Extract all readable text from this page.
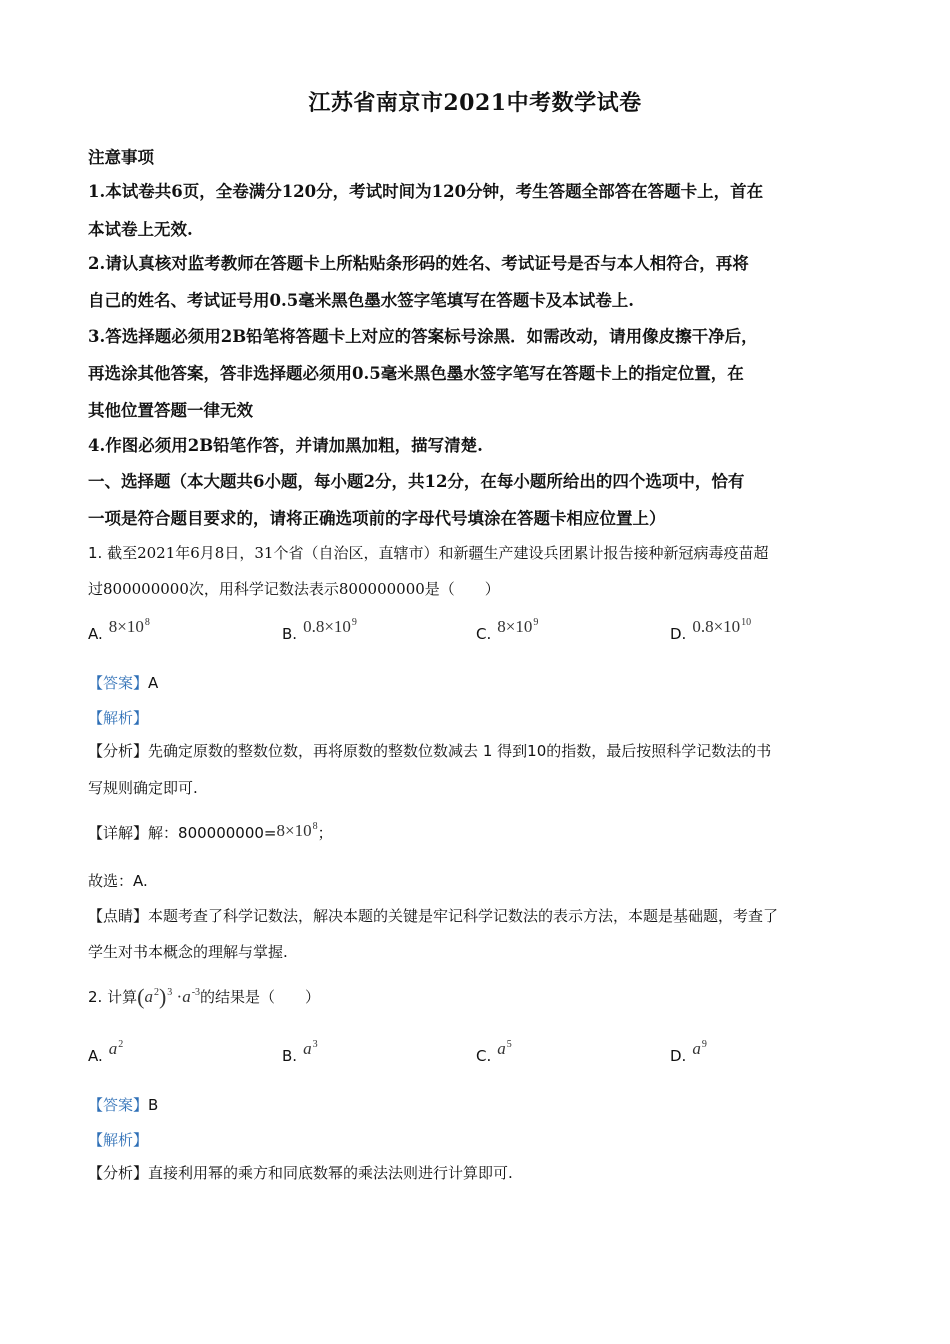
江苏省南京市2021中考数学试卷
注意事项
1.本试卷共6页，全卷满分120分，考试时间为120分钟，考生答题全部答在答题卡上，首在
本试卷上无效.
2.请认真核对监考教师在答题卡上所粘贴条形码的姓名、考试证号是否与本人相符合，再将
自己的姓名、考试证号用0.5毫米黑色墨水签字笔填写在答题卡及本试卷上.
3.答选择题必须用2B铅笔将答题卡上对应的答案标号涂黑．如需改动，请用像皮擦干净后，
再选涂其他答案，答非选择题必须用0.5毫米黑色墨水签字笔写在答题卡上的指定位置，在
其他位置答题一律无效
4.作图必须用2B铅笔作答，并请加黑加粗，描写清楚.
一、选择题（本大题共6小题，每小题2分，共12分，在每小题所给出的四个选项中，恰有
一项是符合题目要求的，请将正确选项前的字母代号填涂在答题卡相应位置上）
1. 截至2021年6月8日，31个省（自治区，直辖市）和新疆生产建设兵团累计报告接种新冠病毒疫苗超
过800000000次，用科学记数法表示800000000是（　　）
A. $8\times 10^8$
B. $0.8\times 10^9$
C. $8\times 10^9$
D. $0.8\times 10^{10}$
【答案】A
【解析】
【分析】先确定原数的整数位数，再将原数的整数位数减去 1 得到10的指数，最后按照科学记数法的书
写规则确定即可.
【详解】解：$800000000=8\times 10^8$；
故选：A.
【点睛】本题考查了科学记数法，解决本题的关键是牢记科学记数法的表示方法，本题是基础题，考查了
学生对书本概念的理解与掌握.
2. 计算$(a^2)^3 \cdot a^{-3}$的结果是（　　）
A. $a^2$
B. $a^3$
C. $a^5$
D. $a^9$
【答案】B
【解析】
【分析】直接利用幂的乘方和同底数幂的乘法法则进行计算即可.
